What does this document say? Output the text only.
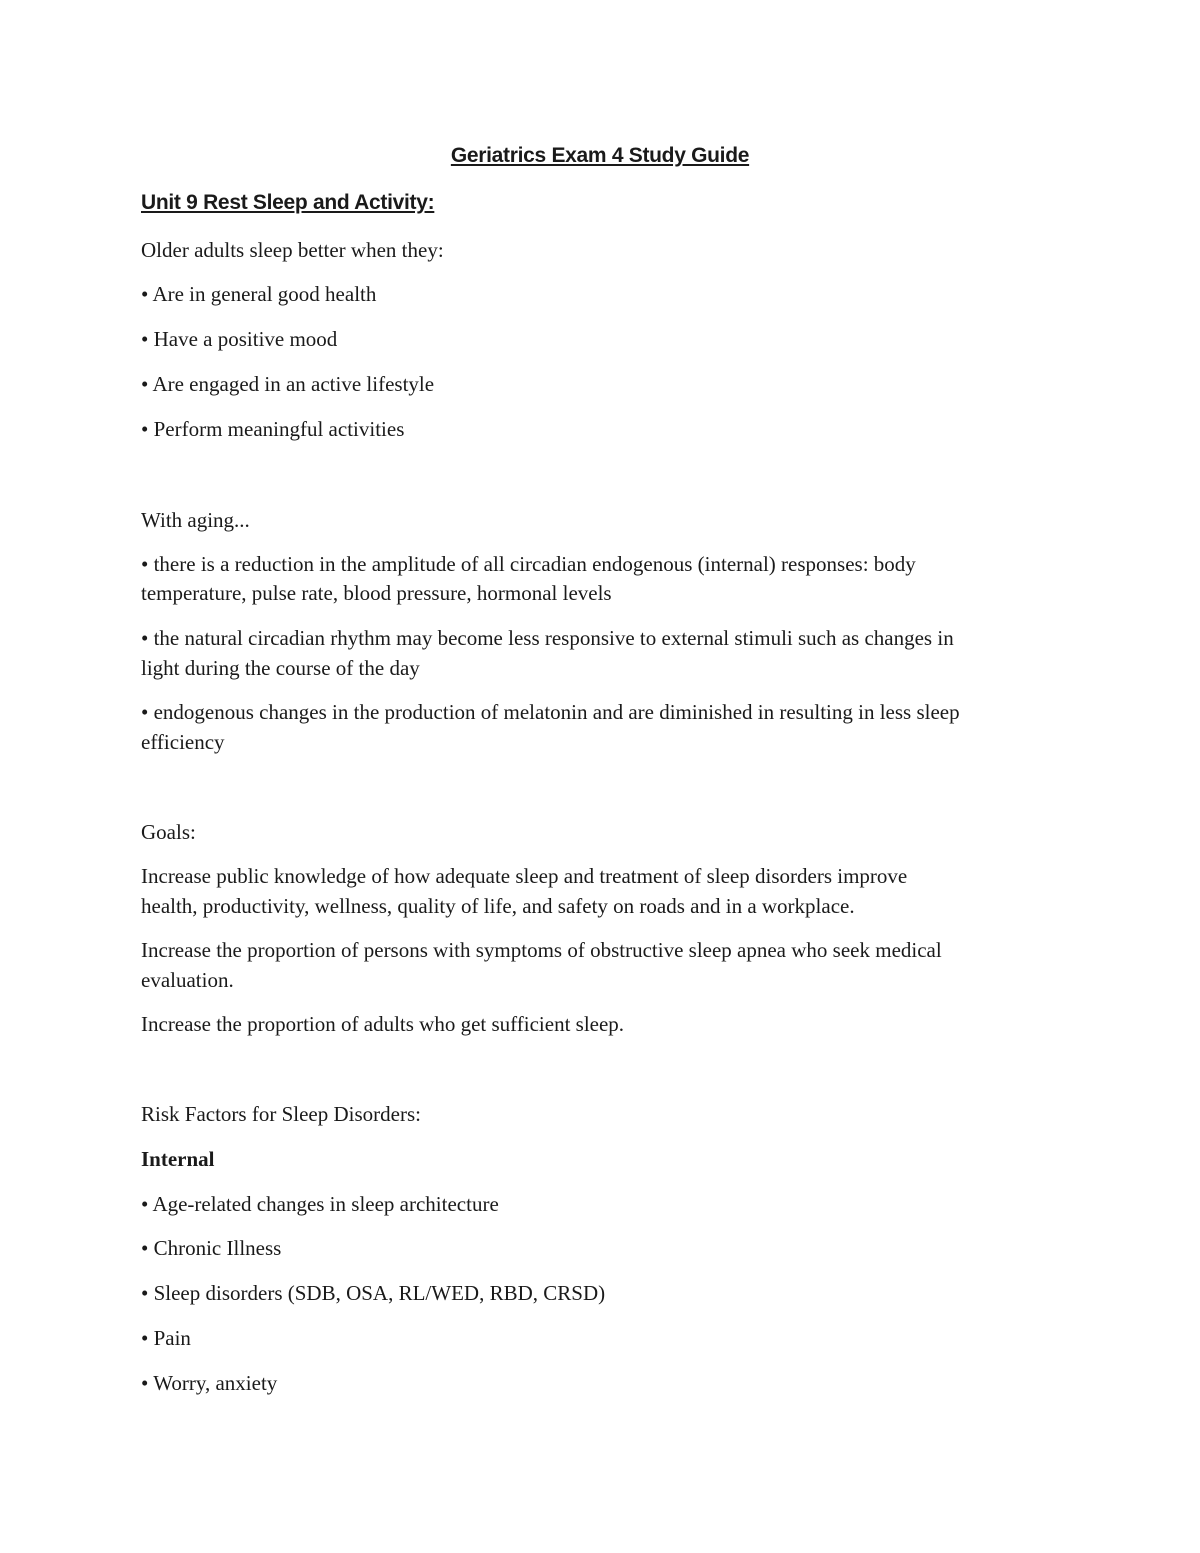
Geriatrics Exam 4 Study Guide

Unit 9 Rest Sleep and Activity:

Older adults sleep better when they:

• Are in general good health

• Have a positive mood

• Are engaged in an active lifestyle

• Perform meaningful activities

With aging...

• there is a reduction in the amplitude of all circadian endogenous (internal) responses: body

temperature, pulse rate, blood pressure, hormonal levels

• the natural circadian rhythm may become less responsive to external stimuli such as changes in

light during the course of the day

• endogenous changes in the production of melatonin and are diminished in resulting in less sleep

efficiency

Goals:

Increase public knowledge of how adequate sleep and treatment of sleep disorders improve

health, productivity, wellness, quality of life, and safety on roads and in a workplace.

Increase the proportion of persons with symptoms of obstructive sleep apnea who seek medical

evaluation.

Increase the proportion of adults who get sufficient sleep.

Risk Factors for Sleep Disorders:

Internal

• Age-related changes in sleep architecture

• Chronic Illness

• Sleep disorders (SDB, OSA, RL/WED, RBD, CRSD)

• Pain

• Worry, anxiety
